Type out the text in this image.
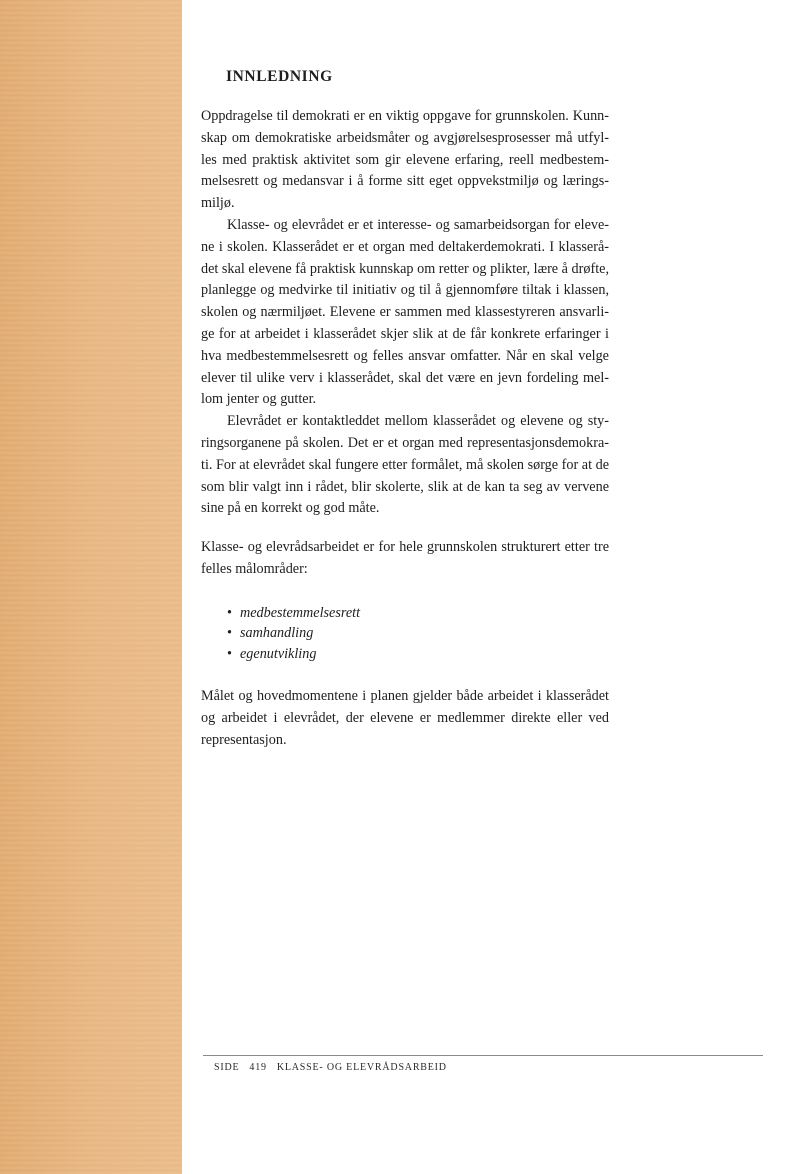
INNLEDNING

Oppdragelse til demokrati er en viktig oppgave for grunnskolen. Kunnskap om demokratiske arbeidsmåter og avgjørelsesprosesser må utfylles med praktisk aktivitet som gir elevene erfaring, reell medbestemmelsesrett og medansvar i å forme sitt eget oppvekstmiljø og læringsmiljø.

Klasse- og elevrådet er et interesse- og samarbeidsorgan for elevene i skolen. Klasserådet er et organ med deltakerdemokrati. I klasserådet skal elevene få praktisk kunnskap om retter og plikter, lære å drøfte, planlegge og medvirke til initiativ og til å gjennomføre tiltak i klassen, skolen og nærmiljøet. Elevene er sammen med klassestyreren ansvarlige for at arbeidet i klasserådet skjer slik at de får konkrete erfaringer i hva medbestemmelsesrett og felles ansvar omfatter. Når en skal velge elever til ulike verv i klasserådet, skal det være en jevn fordeling mellom jenter og gutter.

Elevrådet er kontaktleddet mellom klasserådet og elevene og styringsorganene på skolen. Det er et organ med representasjonsdemokrati. For at elevrådet skal fungere etter formålet, må skolen sørge for at de som blir valgt inn i rådet, blir skolerte, slik at de kan ta seg av vervene sine på en korrekt og god måte.

Klasse- og elevrådsarbeidet er for hele grunnskolen strukturert etter tre felles målområder:

• medbestemmelsesrett
• samhandling
• egenutvikling

Målet og hovedmomentene i planen gjelder både arbeidet i klasserådet og arbeidet i elevrådet, der elevene er medlemmer direkte eller ved representasjon.

SIDE 419 KLASSE- OG ELEVRÅDSARBEID
